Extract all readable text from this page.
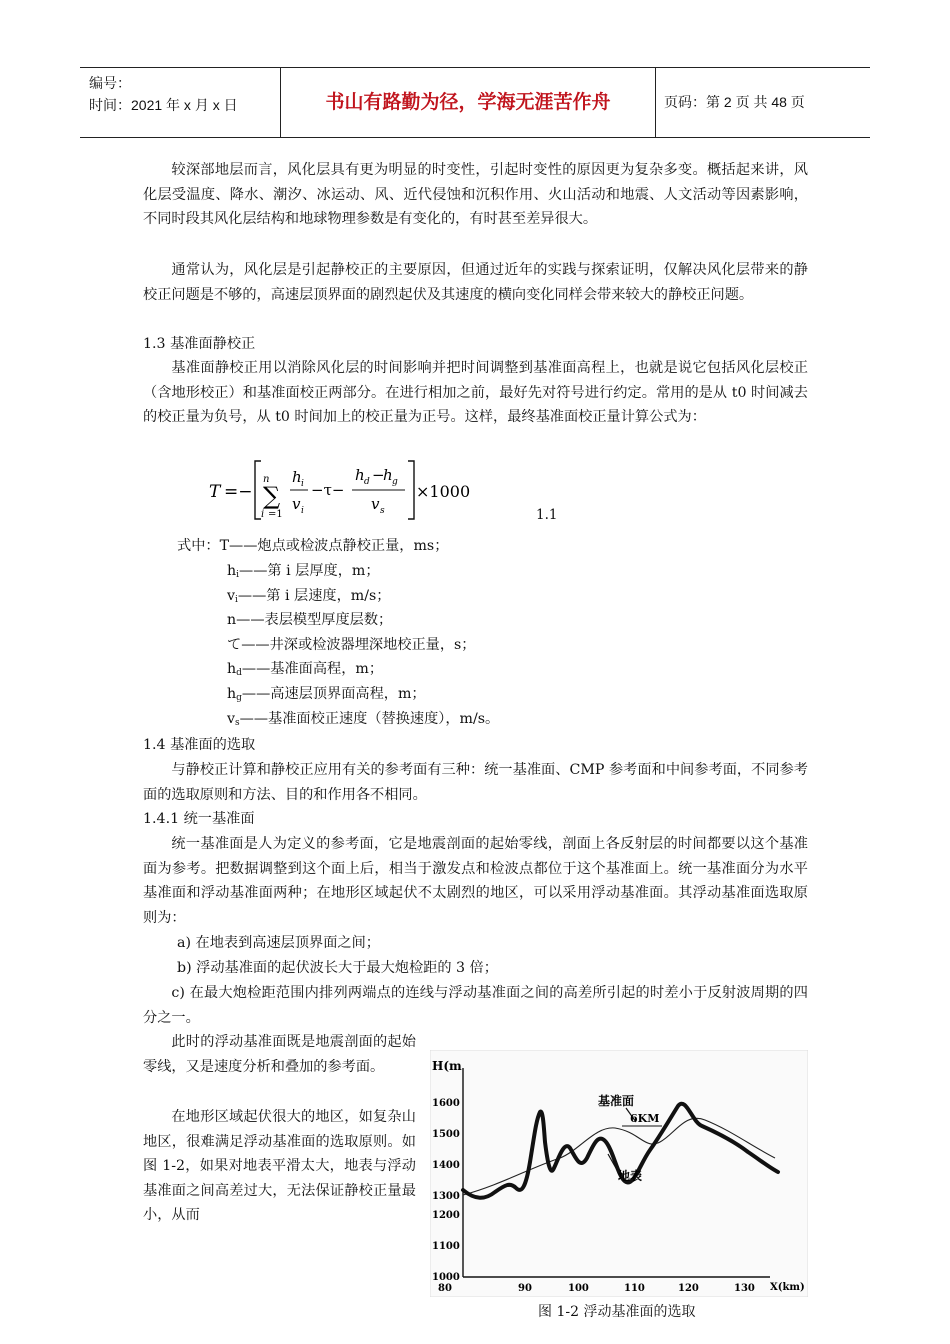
编号：
时间：2021 年 x 月 x 日	书山有路勤为径，学海无涯苦作舟	页码：第 2 页 共 48 页

较深部地层而言，风化层具有更为明显的时变性，引起时变性的原因更为复杂多变。概括起来讲，风化层受温度、降水、潮汐、冰运动、风、近代侵蚀和沉积作用、火山活动和地震、人文活动等因素影响，不同时段其风化层结构和地球物理参数是有变化的，有时甚至差异很大。

通常认为，风化层是引起静校正的主要原因，但通过近年的实践与探索证明，仅解决风化层带来的静校正问题是不够的，高速层顶界面的剧烈起伏及其速度的横向变化同样会带来较大的静校正问题。

1.3 基准面静校正

基准面静校正用以消除风化层的时间影响并把时间调整到基准面高程上，也就是说它包括风化层校正（含地形校正）和基准面校正两部分。在进行相加之前，最好先对符号进行约定。常用的是从 t0 时间减去的校正量为负号，从 t0 时间加上的校正量为正号。这样，最终基准面校正量计算公式为：

T =−
n
∑
i =1
h i
v i
−τ−
h d −
h g
v s
×1000
1.1

式中：T——炮点或检波点静校正量，ms；

$h_i——$第 i 层厚度，m；

$v_i——$第 i 层速度，m/s；

n——表层模型厚度层数；

て——井深或检波器埋深地校正量，s；

$h_d——$基准面高程，m；

$h_g——$高速层顶界面高程，m；

$v_s——$基准面校正速度（替换速度），m/s。

1.4 基准面的选取

与静校正计算和静校正应用有关的参考面有三种：统一基准面、CMP 参考面和中间参考面，不同参考面的选取原则和方法、目的和作用各不相同。

1.4.1 统一基准面

统一基准面是人为定义的参考面，它是地震剖面的起始零线，剖面上各反射层的时间都要以这个基准面为参考。把数据调整到这个面上后，相当于激发点和检波点都位于这个基准面上。统一基准面分为水平基准面和浮动基准面两种；在地形区域起伏不太剧烈的地区，可以采用浮动基准面。其浮动基准面选取原则为：

a) 在地表到高速层顶界面之间；

b) 浮动基准面的起伏波长大于最大炮检距的 3 倍；

c) 在最大炮检距范围内排列两端点的连线与浮动基准面之间的高差所引起的时差小于反射波周期的四分之一。

此时的浮动基准面既是地震剖面的起始零线，又是速度分析和叠加的参考面。

在地形区域起伏很大的地区，如复杂山地区，很难满足浮动基准面的选取原则。如图 1-2，如果对地表平滑太大，地表与浮动基准面之间高差过大，无法保证静校正量最小，从而

H(m
1600
1500
1400
1300
1200
1100
1000
80	90	100	110	120	130 X(km)
基准面
6KM
地表
图 1-2 浮动基准面的选取
